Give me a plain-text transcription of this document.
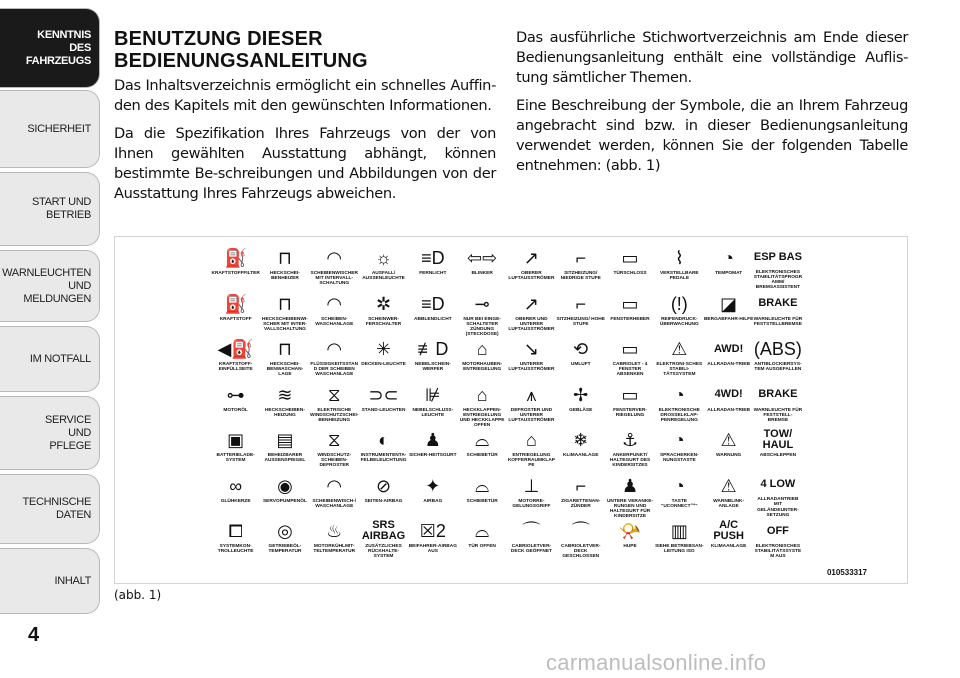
KENNTNIS
DES
FAHRZEUGS
SICHERHEIT
START UND
BETRIEB
WARNLEUCHTEN
UND
MELDUNGEN
IM NOTFALL
SERVICE
UND
PFLEGE
TECHNISCHE
DATEN
INHALT
4
BENUTZUNG DIESER BEDIENUNGSANLEITUNG

Das Inhaltsverzeichnis ermöglicht ein schnelles Auffin-den des Kapitels mit den gewünschten Informationen.

Da die Spezifikation Ihres Fahrzeugs von der von Ihnen gewählten Ausstattung abhängt, können bestimmte Be-schreibungen und Abbildungen von der Ausstattung Ihres Fahrzeugs abweichen.

Das ausführliche Stichwortverzeichnis am Ende dieser Bedienungsanleitung enthält eine vollständige Auflis-tung sämtlicher Themen.

Eine Beschreibung der Symbole, die an Ihrem Fahrzeug angebracht sind bzw. in dieser Bedienungsanleitung verwendet werden, können Sie der folgenden Tabelle entnehmen: (abb. 1)

⛽
KRAFTSTOFFFILTER
⊓
HECKSCHEI-BENHEIZER
◠
SCHEIBENWISCHER MIT INTERVALL-SCHALTUNG
☼
AUSFALL/ AUSSENLEUCHTE
≡D
FERNLICHT
⇦⇨
BLINKER
↗
OBERER LUFTAUSSTRÖMER
⌐
SITZHEIZUNG/ NIEDRIGE STUFE
▭
TÜRSCHLOSS
⌇
VERSTELLBARE PEDALE
◔
TEMPOMAT
ESP BAS
ELEKTRONISCHES STABILITÄTSPROGRAMM/ BREMSASSISTENT
⛽
KRAFTSTOFF
⊓
HECKSCHEIBENWI-SCHER MIT INTER-VALLSCHALTUNG
◠
SCHEIBEN-WASCHANLAGE
✲
SCHEINWER-FERSCHALTER
≡D
ABBLENDLICHT
⊸
NUR BEI EINGE-SCHALTETER ZÜNDUNG (STECKDOSE)
↗
OBERER UND UNTERER LUFTAUSSTRÖMER
⌐
SITZHEIZUNG/ HOHE STUFE
▭
FENSTERHEBER
(!)
REIFENDRUCK-ÜBERWACHUNG
◪
BERGABFAHR-HILFE
BRAKE
WARNLEUCHTE FÜR FESTSTELLBREMSE
◀⛽
KRAFTSTOFF-EINFÜLLSEITE
⊓
HECKSCHEI-BENWASCHAN-LAGE
◠
FLÜSSIGKEITSSTAND DER SCHEIBEN WASCHANLAGE
✳
DECKEN-LEUCHTE
≢D
NEBELSCHEIN-WERFER
⌂
MOTORHAUBEN-ENTRIEGELUNG
↘
UNTERER LUFTAUSSTRÖMER
⟲
UMLUFT
▭
CABRIOLET - 4 FENSTER ABSENKEN
⚠
ELEKTRONI-SCHES STABILI-TÄTSSYSTEM
AWD!
ALLRADAN-TRIEB
(ABS)
ANTIBLOCKIERSYS-TEM AUSGEFALLEN
⊶
MOTORÖL
≋
HECKSCHEIBEN-HEIZUNG
⧖
ELEKTRISCHE WINDSCHUTZSCHEI-BENHEIZUNG
⊃⊂
STAND-LEUCHTEN
⊯
NEBELSCHLUSS-LEUCHTE
⌂
HECKKLAPPEN-ENTRIEGELUNG UND HECKKLAPPE OFFEN
⩚
DEFROSTER UND UNTERER LUFTAUSSTRÖMER
✢
GEBLÄSE
▭
FENSTERVER-RIEGELUNG
◔
ELEKTRONISCHE DROSSELKLAP-PENREGELUNG
4WD!
ALLRADAN-TRIEB
BRAKE
WARNLEUCHTE FÜR FESTSTELL-BREMSE
▣
BATTERIELADE-SYSTEM
▤
BEHEIZBARER AUSSENSPIEGEL
⧖
WINDSCHUTZ-SCHEIBEN-DEFROSTER
◐
INSTRUMENTENTA-FELBELEUCHTUNG
♟
SICHER-HEITSGURT
⌓
SCHIEBETÜR
⌂
ENTRIEGELUNG KOFFERRAUMKLAPPE
❄
KLIMAANLAGE
⚓
ANKERPUNKT/ HALTEGURT DES KINDERSITZES
◔
SPRACHERKEN-NUNGSTASTE
⚠
WARNUNG
TOW/ HAUL
ABSCHLEPPEN
∞
GLÜHKERZE
◉
SERVOPUMPENÖL
◠
SCHEIBENWISCH-/ WASCHANLAGE
⊘
SEITEN-AIRBAG
✦
AIRBAG
⌓
SCHIEBETÜR
⊥
MOTORRE-GELUNGSGRIFF
⌐
ZIGARETTENAN-ZÜNDER
♟
UNTERE VERANKE-RUNGEN UND HALTEGURT FÜR KINDERSITZE
◔
TASTE "UCONNECT™"
⚠
WARNBLINK-ANLAGE
4 LOW
ALLRADANTRIEB MIT GELÄNDEUNTER-SETZUNG
⧠
SYSTEMKON-TROLLEUCHTE
◎
GETRIEBEÖL-TEMPERATUR
♨
MOTORKÜHLMIT-TELTEMPERATUR
SRS AIRBAG
ZUSÄTZLICHES RÜCKHALTE-SYSTEM
☒2
BEIFAHRER-AIRBAG AUS
⌓
TÜR OFFEN
⌒
CABRIOLETVER-DECK GEÖFFNET
⌒
CABRIOLETVER-DECK GESCHLOSSEN
📯
HUPE
▥
SIEHE BETRIEBSAN-LEITUNG ISO
A/C PUSH
KLIMAANLAGE
OFF
ELEKTRONISCHES STABILITÄTSSYSTEM AUS
010533317
(abb. 1)
carmanualsonline.info
